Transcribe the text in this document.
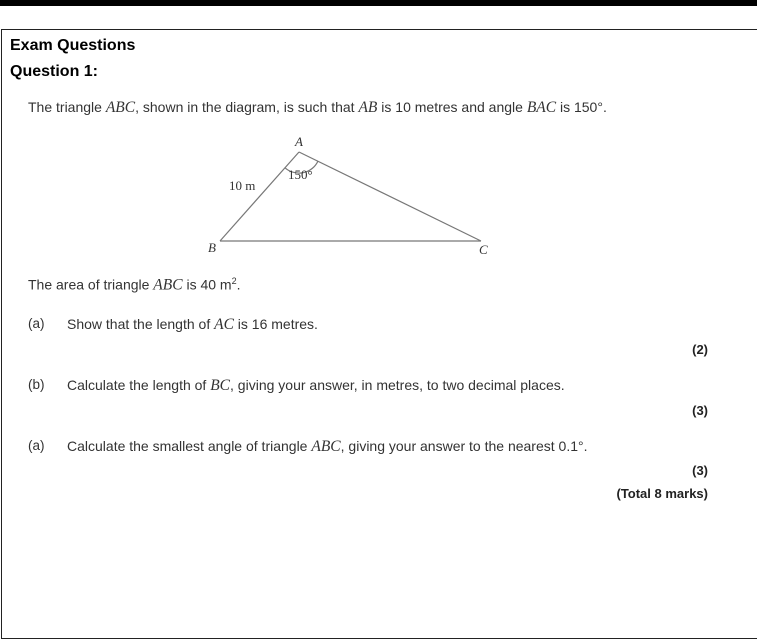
Exam Questions
Question 1:
The triangle ABC, shown in the diagram, is such that AB is 10 metres and angle BAC is 150°.
A
B	C
10 m
150°
The area of triangle ABC is 40 $m^2$.
(a) Show that the length of AC is 16 metres.
(2)
(b) Calculate the length of BC, giving your answer, in metres, to two decimal places.
(3)
(a) Calculate the smallest angle of triangle ABC, giving your answer to the nearest 0.1°.
(3)
(Total 8 marks)
